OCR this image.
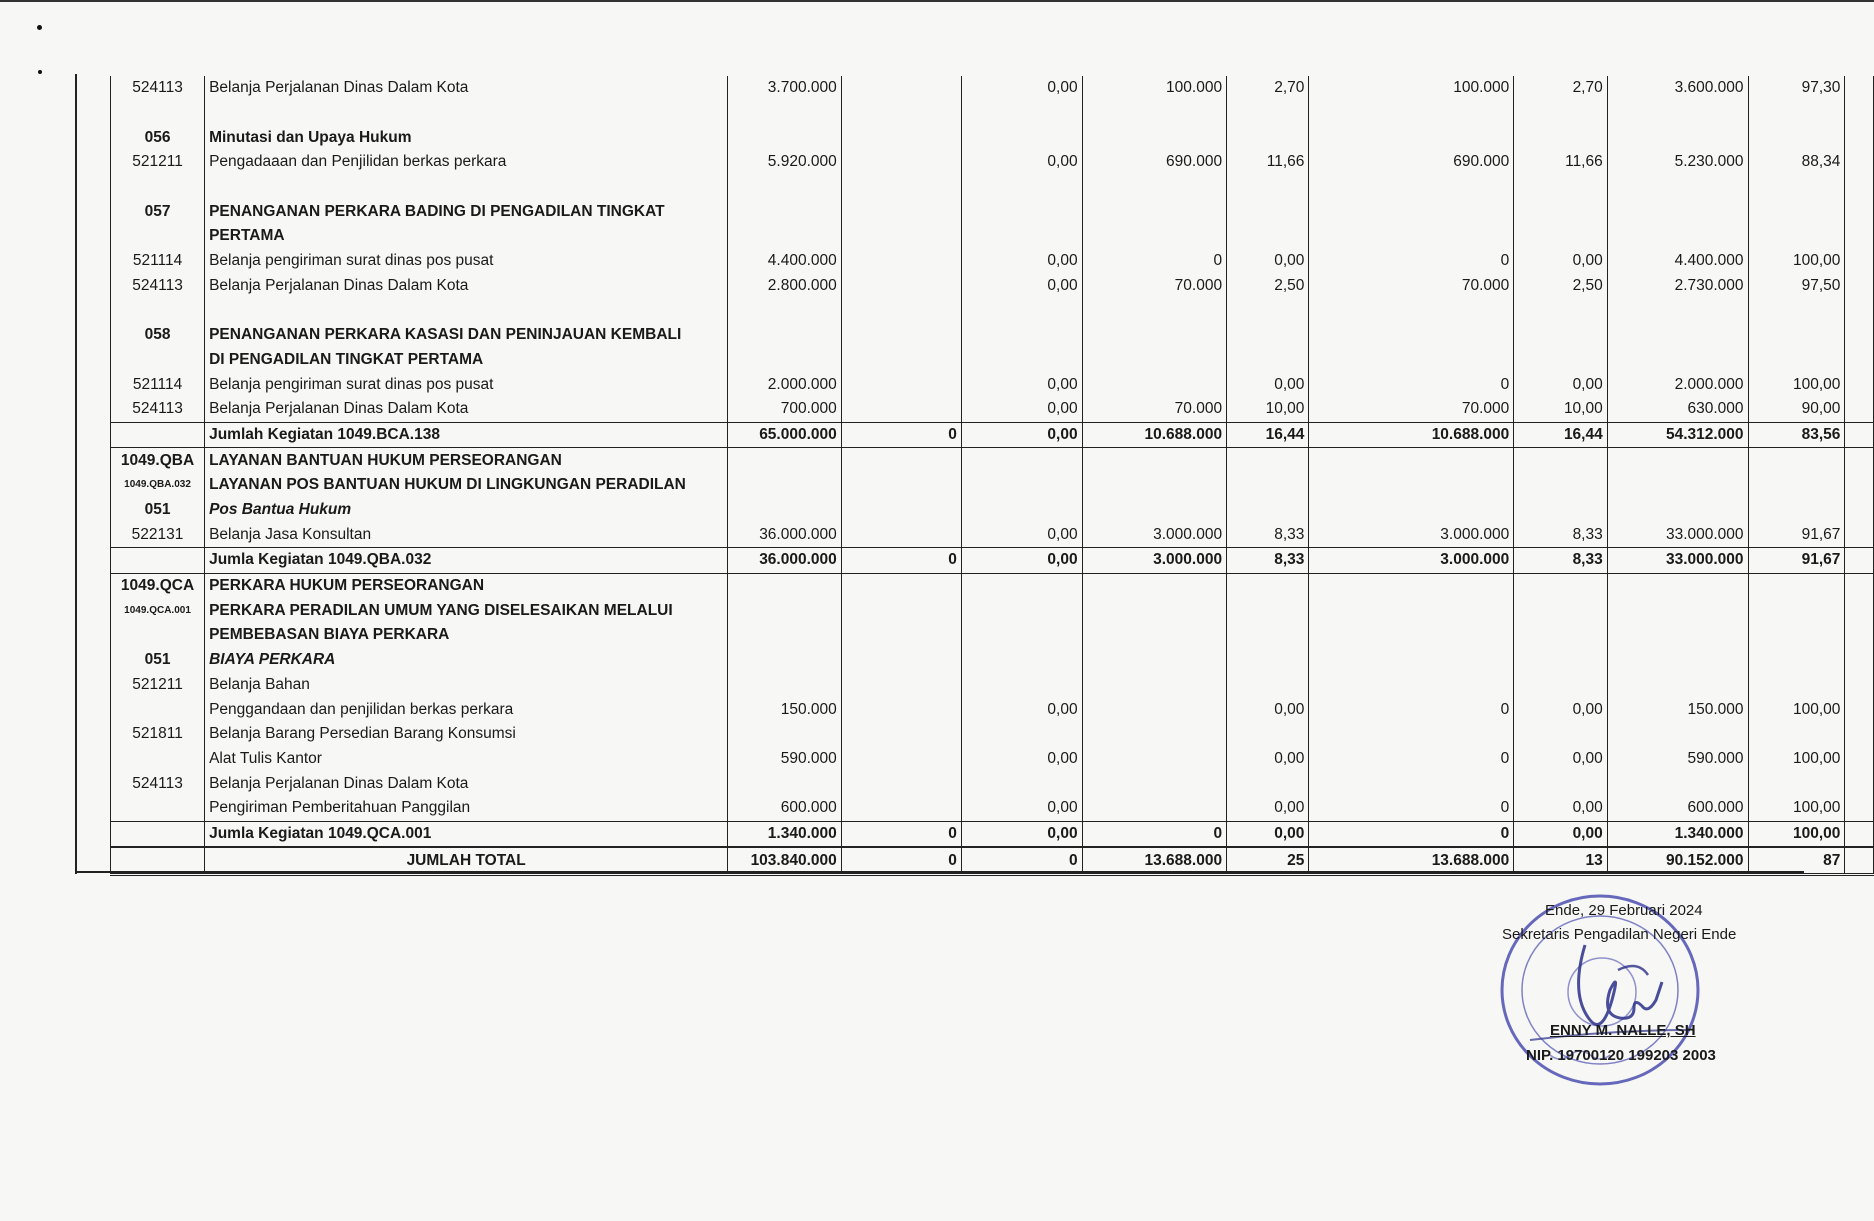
524113	Belanja Perjalanan Dinas Dalam Kota	3.700.000		0,00	100.000	2,70	100.000	2,70	3.600.000	97,30	

056	Minutasi dan Upaya Hukum										
521211	Pengadaaan dan Penjilidan berkas perkara	5.920.000		0,00	690.000	11,66	690.000	11,66	5.230.000	88,34	

057	PENANGANAN PERKARA BADING DI PENGADILAN TINGKAT										
	PERTAMA										
521114	Belanja pengiriman surat dinas pos pusat	4.400.000		0,00	0	0,00	0	0,00	4.400.000	100,00	
524113	Belanja Perjalanan Dinas Dalam Kota	2.800.000		0,00	70.000	2,50	70.000	2,50	2.730.000	97,50	

058	PENANGANAN PERKARA KASASI DAN PENINJAUAN KEMBALI										
	DI PENGADILAN TINGKAT PERTAMA										
521114	Belanja pengiriman surat dinas pos pusat	2.000.000		0,00		0,00	0	0,00	2.000.000	100,00	
524113	Belanja Perjalanan Dinas Dalam Kota	700.000		0,00	70.000	10,00	70.000	10,00	630.000	90,00	
	Jumlah Kegiatan 1049.BCA.138	65.000.000	0	0,00	10.688.000	16,44	10.688.000	16,44	54.312.000	83,56	
1049.QBA	LAYANAN BANTUAN HUKUM PERSEORANGAN										
1049.QBA.032	LAYANAN POS BANTUAN HUKUM DI LINGKUNGAN PERADILAN										
051	Pos Bantua Hukum										
522131	Belanja Jasa Konsultan	36.000.000		0,00	3.000.000	8,33	3.000.000	8,33	33.000.000	91,67	
	Jumla Kegiatan 1049.QBA.032	36.000.000	0	0,00	3.000.000	8,33	3.000.000	8,33	33.000.000	91,67	
1049.QCA	PERKARA HUKUM PERSEORANGAN										
1049.QCA.001	PERKARA PERADILAN UMUM YANG DISELESAIKAN MELALUI										
	PEMBEBASAN BIAYA PERKARA										
051	BIAYA PERKARA										
521211	Belanja Bahan										
	Penggandaan dan penjilidan berkas perkara	150.000		0,00		0,00	0	0,00	150.000	100,00	
521811	Belanja Barang Persedian Barang Konsumsi										
	Alat Tulis Kantor	590.000		0,00		0,00	0	0,00	590.000	100,00	
524113	Belanja Perjalanan Dinas Dalam Kota										
	Pengiriman Pemberitahuan Panggilan	600.000		0,00		0,00	0	0,00	600.000	100,00	
	Jumla Kegiatan 1049.QCA.001	1.340.000	0	0,00	0	0,00	0	0,00	1.340.000	100,00	
	JUMLAH TOTAL	103.840.000	0	0	13.688.000	25	13.688.000	13	90.152.000	87	
Ende, 29 Februari 2024
Sekretaris Pengadilan Negeri Ende
ENNY M. NALLE, SH
NIP. 19700120 199203 2003
